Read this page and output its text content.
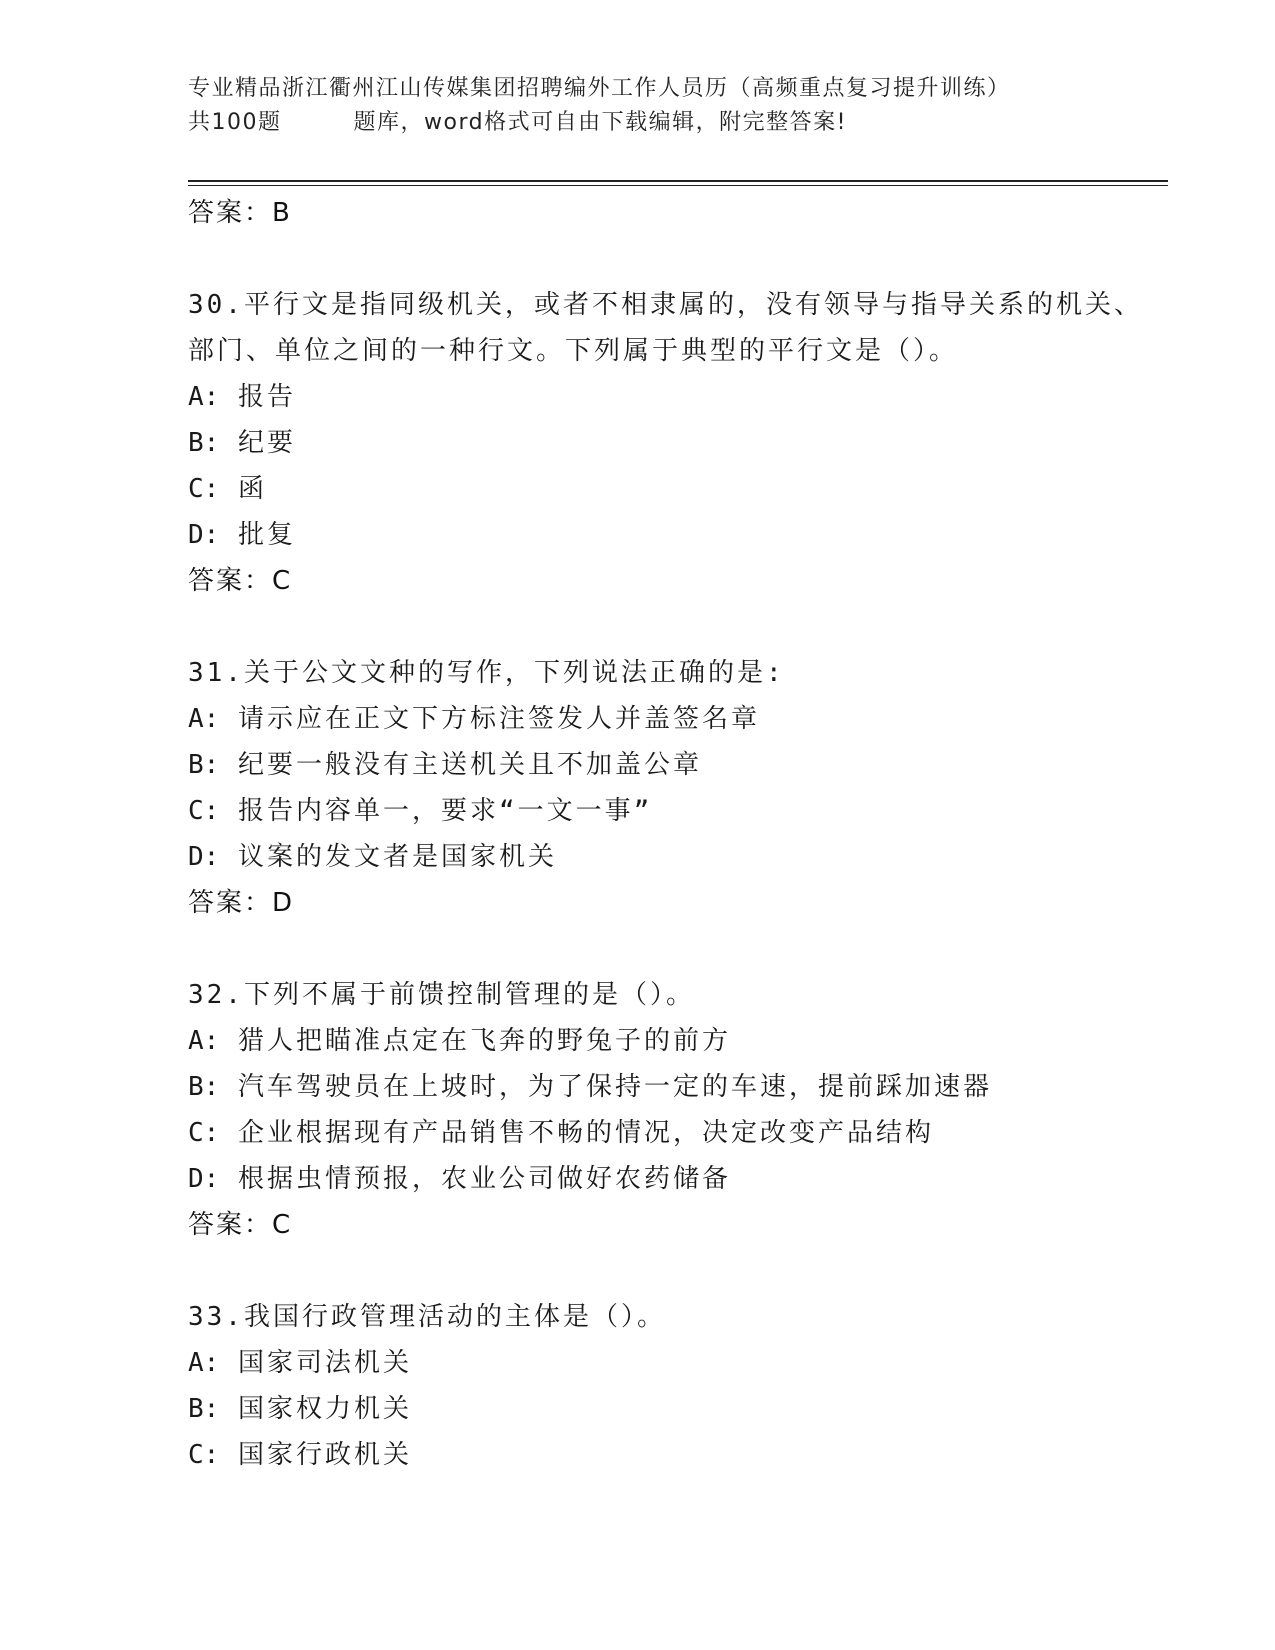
专业精品浙江衢州江山传媒集团招聘编外工作人员历（高频重点复习提升训练）
共100题	题库，word格式可自由下载编辑，附完整答案!
答案：B
30.平行文是指同级机关，或者不相隶属的，没有领导与指导关系的机关、部门、单位之间的一种行文。下列属于典型的平行文是（）。
A: 报告
B: 纪要
C: 函
D: 批复
答案：C
31.关于公文文种的写作，下列说法正确的是:
A: 请示应在正文下方标注签发人并盖签名章
B: 纪要一般没有主送机关且不加盖公章
C: 报告内容单一，要求“一文一事”
D: 议案的发文者是国家机关
答案：D
32.下列不属于前馈控制管理的是（）。
A: 猎人把瞄准点定在飞奔的野兔子的前方
B: 汽车驾驶员在上坡时，为了保持一定的车速，提前踩加速器
C: 企业根据现有产品销售不畅的情况，决定改变产品结构
D: 根据虫情预报，农业公司做好农药储备
答案：C
33.我国行政管理活动的主体是（）。
A: 国家司法机关
B: 国家权力机关
C: 国家行政机关
